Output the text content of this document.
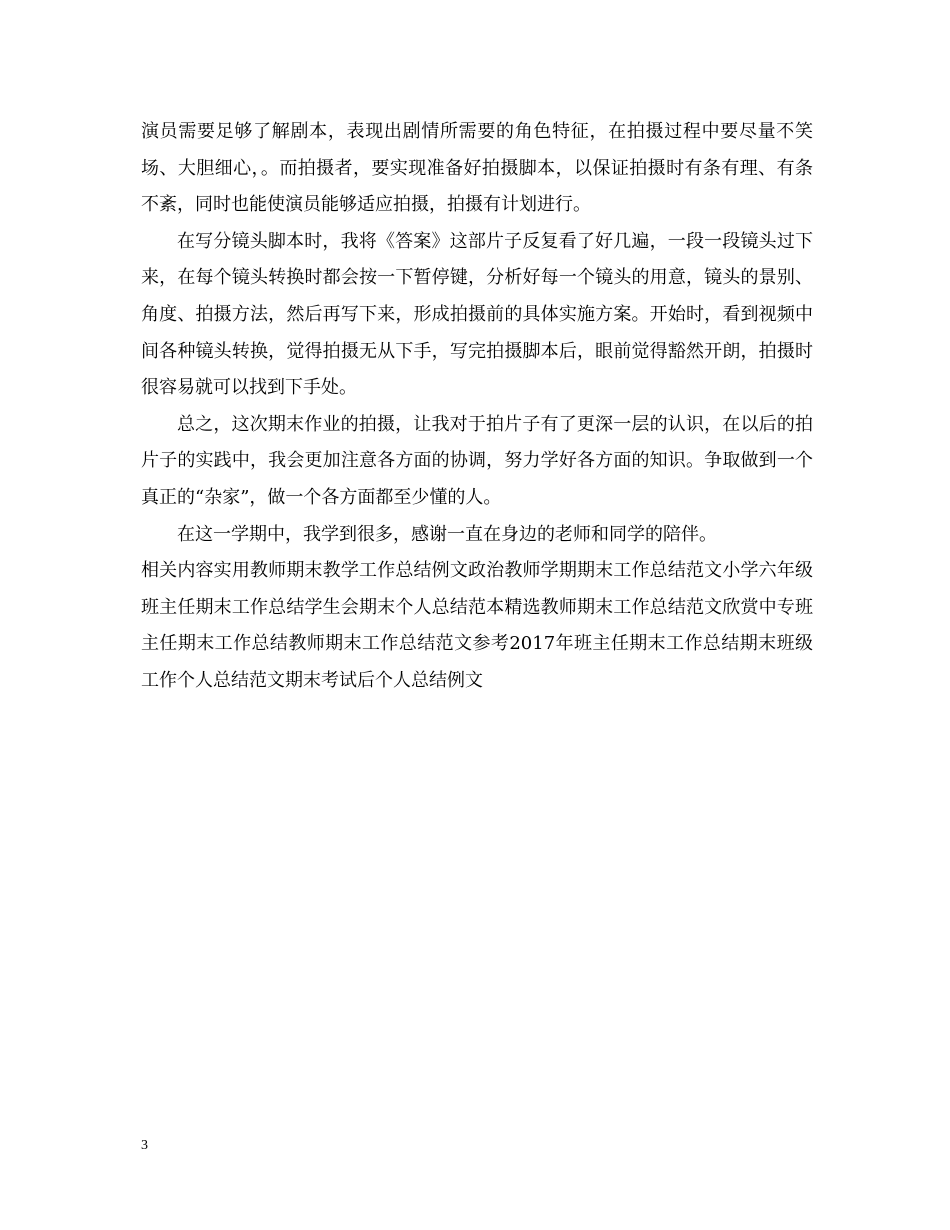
演员需要足够了解剧本，表现出剧情所需要的角色特征，在拍摄过程中要尽量不笑场、大胆细心，。而拍摄者，要实现准备好拍摄脚本，以保证拍摄时有条有理、有条不紊，同时也能使演员能够适应拍摄，拍摄有计划进行。

在写分镜头脚本时，我将《答案》这部片子反复看了好几遍，一段一段镜头过下来，在每个镜头转换时都会按一下暂停键，分析好每一个镜头的用意，镜头的景别、角度、拍摄方法，然后再写下来，形成拍摄前的具体实施方案。开始时，看到视频中间各种镜头转换，觉得拍摄无从下手，写完拍摄脚本后，眼前觉得豁然开朗，拍摄时很容易就可以找到下手处。

总之，这次期末作业的拍摄，让我对于拍片子有了更深一层的认识，在以后的拍片子的实践中，我会更加注意各方面的协调，努力学好各方面的知识。争取做到一个真正的“杂家”，做一个各方面都至少懂的人。

在这一学期中，我学到很多，感谢一直在身边的老师和同学的陪伴。

相关内容实用教师期末教学工作总结例文政治教师学期期末工作总结范文小学六年级班主任期末工作总结学生会期末个人总结范本精选教师期末工作总结范文欣赏中专班主任期末工作总结教师期末工作总结范文参考2017年班主任期末工作总结期末班级工作个人总结范文期末考试后个人总结例文

3
